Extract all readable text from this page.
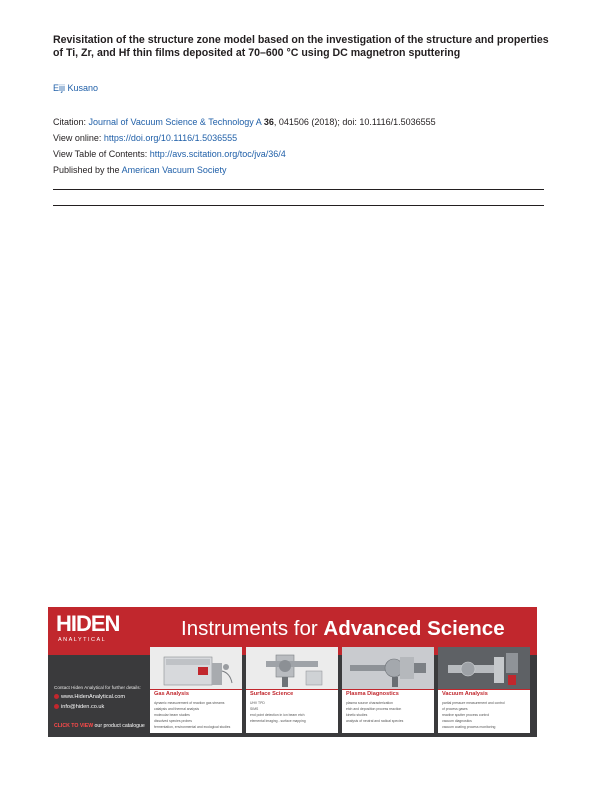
Revisitation of the structure zone model based on the investigation of the structure and properties of Ti, Zr, and Hf thin films deposited at 70–600 °C using DC magnetron sputtering
Eiji Kusano
Citation: Journal of Vacuum Science & Technology A 36, 041506 (2018); doi: 10.1116/1.5036555
View online: https://doi.org/10.1116/1.5036555
View Table of Contents: http://avs.scitation.org/toc/jva/36/4
Published by the American Vacuum Society
HIDEN
ANALYTICAL	Instruments for Advanced Science
Contact Hiden Analytical for further details:
www.HidenAnalytical.com
info@hiden.co.uk
CLICK TO VIEW our product catalogue
Gas Analysis
dynamic measurement of reaction gas streams
catalysis and thermal analysis
molecular beam studies
dissolved species probes
fermentation, environmental and ecological studies
Surface Science
UHV TPD
SIMS
end point detection in ion beam etch
elemental imaging - surface mapping
Plasma Diagnostics
plasma source characterization
etch and deposition process reaction
kinetic studies
analysis of neutral and radical species
Vacuum Analysis
partial pressure measurement and control
of process gases
reactive sputter process control
vacuum diagnostics
vacuum coating process monitoring
